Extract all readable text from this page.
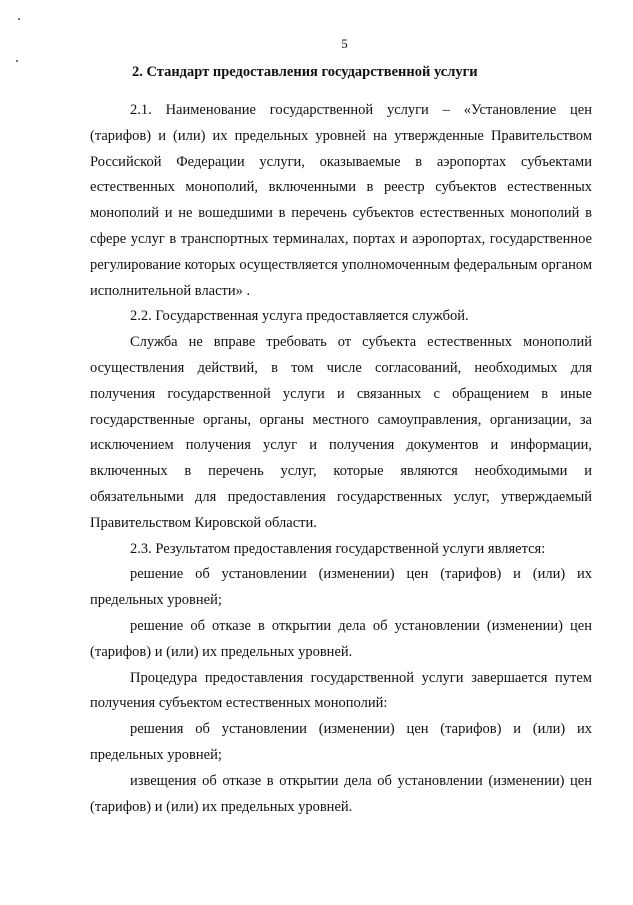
5
2. Стандарт предоставления государственной услуги

2.1. Наименование государственной услуги – «Установление цен (тарифов) и (или) их предельных уровней на утвержденные Правительством Российской Федерации услуги, оказываемые в аэропортах субъектами естественных монополий, включенными в реестр субъектов естественных монополий и не вошедшими в перечень субъектов естественных монополий в сфере услуг в транспортных терминалах, портах и аэропортах, государственное регулирование которых осуществляется уполномоченным федеральным органом исполнительной власти» .

2.2. Государственная услуга предоставляется службой.

Служба не вправе требовать от субъекта естественных монополий осуществления действий, в том числе согласований, необходимых для получения государственной услуги и связанных с обращением в иные государственные органы, органы местного самоуправления, организации, за исключением получения услуг и получения документов и информации, включенных в перечень услуг, которые являются необходимыми и обязательными для предоставления государственных услуг, утверждаемый Правительством Кировской области.

2.3. Результатом предоставления государственной услуги является:

решение об установлении (изменении) цен (тарифов) и (или) их предельных уровней;

решение об отказе в открытии дела об установлении (изменении) цен (тарифов) и (или) их предельных уровней.

Процедура предоставления государственной услуги завершается путем получения субъектом естественных монополий:

решения об установлении (изменении) цен (тарифов) и (или) их предельных уровней;

извещения об отказе в открытии дела об установлении (изменении) цен (тарифов) и (или) их предельных уровней.
